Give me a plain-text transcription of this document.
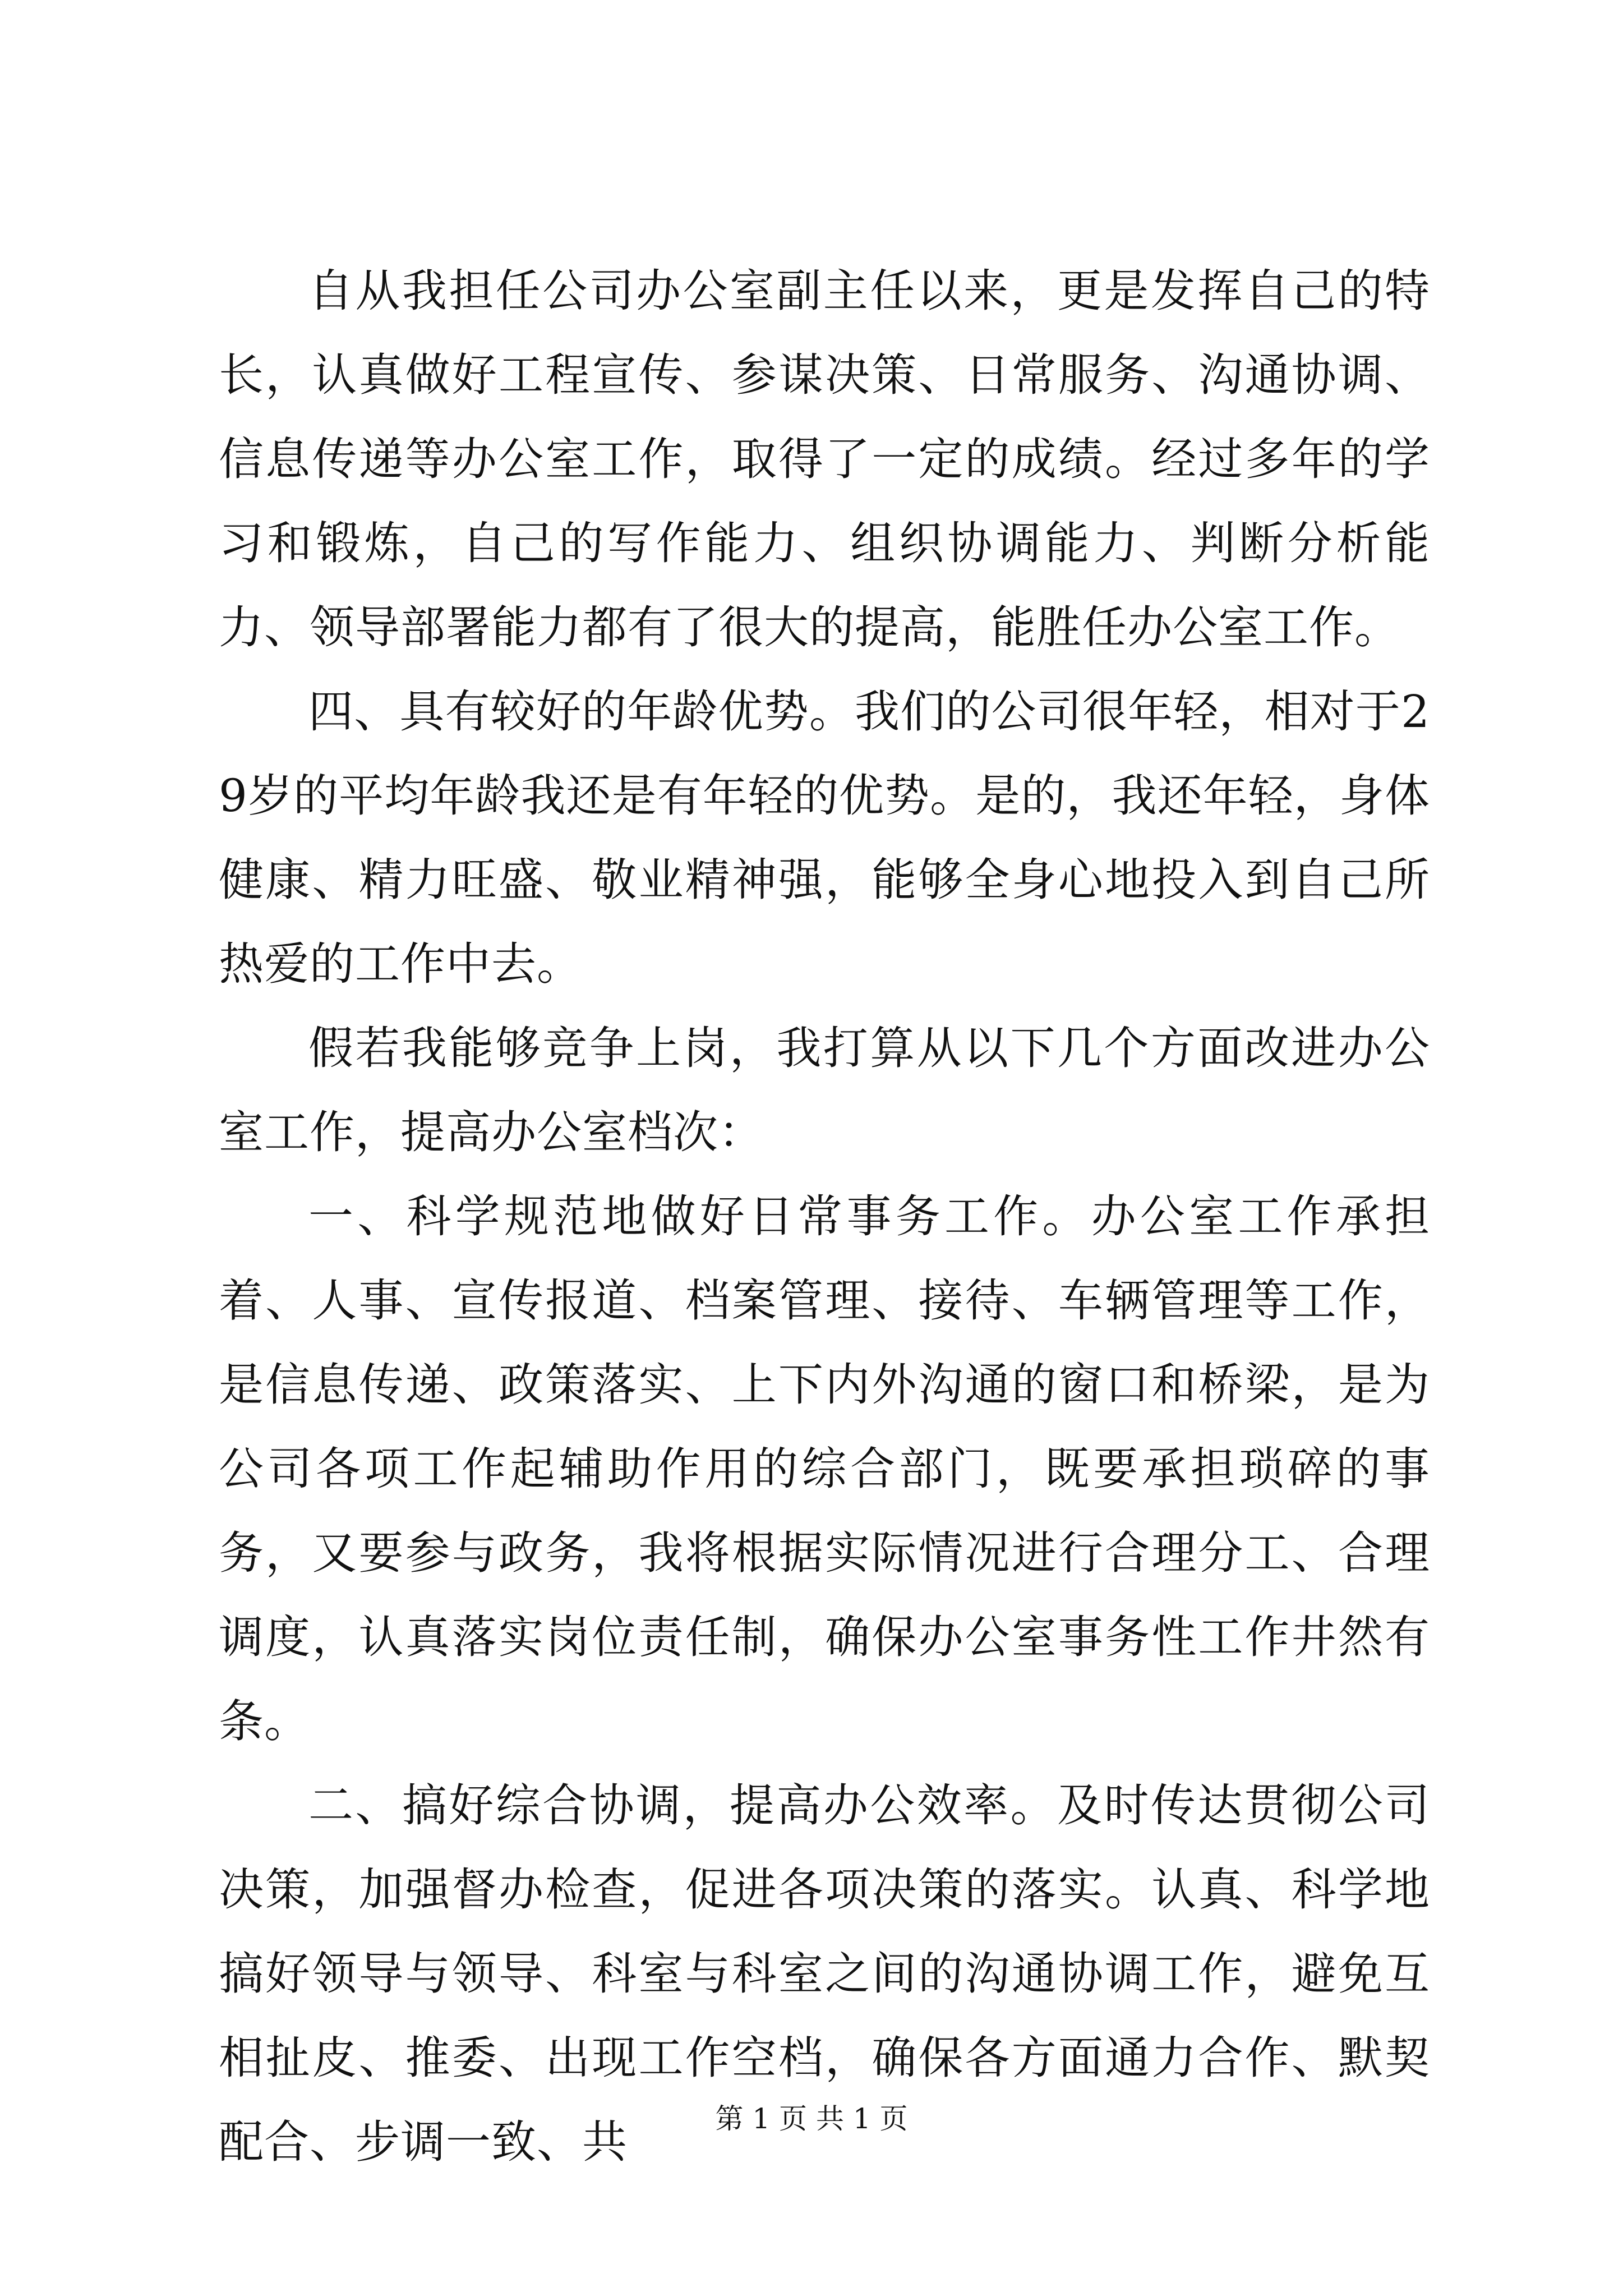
自从我担任公司办公室副主任以来，更是发挥自己的特长，认真做好工程宣传、参谋决策、日常服务、沟通协调、信息传递等办公室工作，取得了一定的成绩。经过多年的学习和锻炼，自己的写作能力、组织协调能力、判断分析能力、领导部署能力都有了很大的提高，能胜任办公室工作。

四、具有较好的年龄优势。我们的公司很年轻，相对于29岁的平均年龄我还是有年轻的优势。是的，我还年轻，身体健康、精力旺盛、敬业精神强，能够全身心地投入到自己所热爱的工作中去。

假若我能够竞争上岗，我打算从以下几个方面改进办公室工作，提高办公室档次：

一、科学规范地做好日常事务工作。办公室工作承担着、人事、宣传报道、档案管理、接待、车辆管理等工作，是信息传递、政策落实、上下内外沟通的窗口和桥梁，是为公司各项工作起辅助作用的综合部门，既要承担琐碎的事务，又要参与政务，我将根据实际情况进行合理分工、合理调度，认真落实岗位责任制，确保办公室事务性工作井然有条。

二、搞好综合协调，提高办公效率。及时传达贯彻公司决策，加强督办检查，促进各项决策的落实。认真、科学地搞好领导与领导、科室与科室之间的沟通协调工作，避免互相扯皮、推委、出现工作空档，确保各方面通力合作、默契配合、步调一致、共	第 1 页 共 1 页
